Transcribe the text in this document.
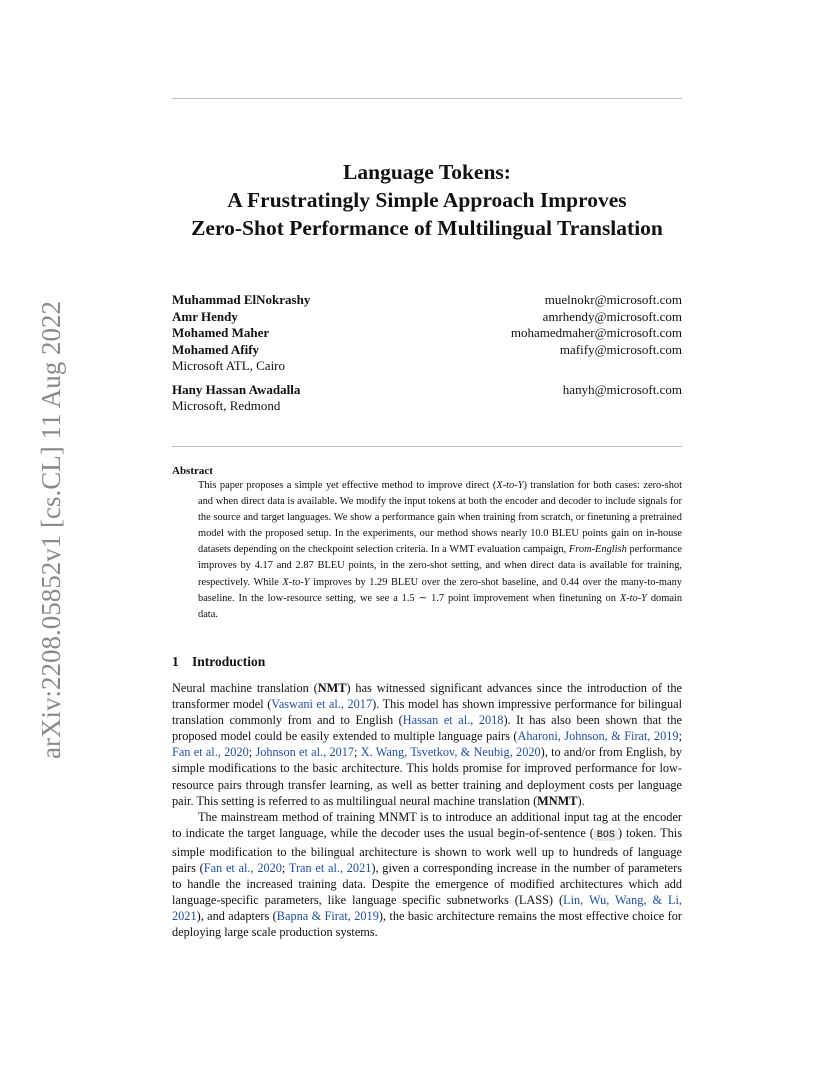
arXiv:2208.05852v1 [cs.CL] 11 Aug 2022
Language Tokens:
A Frustratingly Simple Approach Improves
Zero-Shot Performance of Multilingual Translation
Muhammad ElNokrashy	muelnokr@microsoft.com
Amr Hendy	amrhendy@microsoft.com
Mohamed Maher	mohamedmaher@microsoft.com
Mohamed Afify	mafify@microsoft.com
Microsoft ATL, Cairo
Hany Hassan Awadalla	hanyh@microsoft.com
Microsoft, Redmond
Abstract
This paper proposes a simple yet effective method to improve direct (X-to-Y) translation for both cases: zero-shot and when direct data is available. We modify the input tokens at both the encoder and decoder to include signals for the source and target languages. We show a performance gain when training from scratch, or finetuning a pretrained model with the proposed setup. In the experiments, our method shows nearly 10.0 BLEU points gain on in-house datasets depending on the checkpoint selection criteria. In a WMT evaluation campaign, From-English performance improves by 4.17 and 2.87 BLEU points, in the zero-shot setting, and when direct data is available for training, respectively. While X-to-Y improves by 1.29 BLEU over the zero-shot baseline, and 0.44 over the many-to-many baseline. In the low-resource setting, we see a 1.5 ∼ 1.7 point improvement when finetuning on X-to-Y domain data.
1 Introduction

Neural machine translation (NMT) has witnessed significant advances since the introduction of the transformer model (Vaswani et al., 2017). This model has shown impressive performance for bilingual translation commonly from and to English (Hassan et al., 2018). It has also been shown that the proposed model could be easily extended to multiple language pairs (Aharoni, Johnson, & Firat, 2019; Fan et al., 2020; Johnson et al., 2017; X. Wang, Tsvetkov, & Neubig, 2020), to and/or from English, by simple modifications to the basic architecture. This holds promise for improved performance for low-resource pairs through transfer learning, as well as better training and deployment costs per language pair. This setting is referred to as multilingual neural machine translation (MNMT).

The mainstream method of training MNMT is to introduce an additional input tag at the encoder to indicate the target language, while the decoder uses the usual begin-of-sentence ( BOS ) token. This simple modification to the bilingual architecture is shown to work well up to hundreds of language pairs (Fan et al., 2020; Tran et al., 2021), given a corresponding increase in the number of parameters to handle the increased training data. Despite the emergence of modified architectures which add language-specific parameters, like language specific subnetworks (LASS) (Lin, Wu, Wang, & Li, 2021), and adapters (Bapna & Firat, 2019), the basic architecture remains the most effective choice for deploying large scale production systems.
